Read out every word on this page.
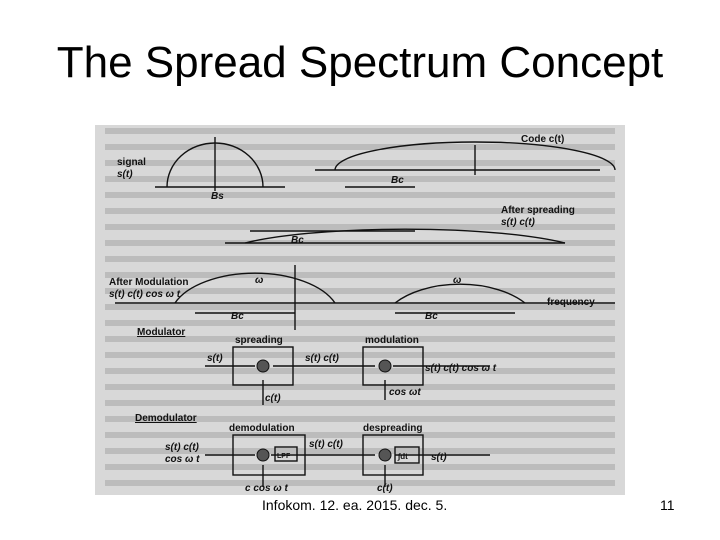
The Spread Spectrum Concept
Code c(t)
signal
s(t)
Bs
Bc
After spreading
s(t) c(t)
Bc
After Modulation
s(t) c(t) cos ω t
ω	ω
frequency
Bc	Bc
Modulator
spreading	modulation
s(t)	s(t) c(t)
s(t) c(t) cos ω t
c(t)
cos ωt
Demodulator
demodulation	despreading
s(t) c(t)
cos ω t
s(t) c(t)
s(t)
LPF	∫dt
c cos ω t	c(t)
Infokom. 12. ea. 2015. dec. 5.	11
